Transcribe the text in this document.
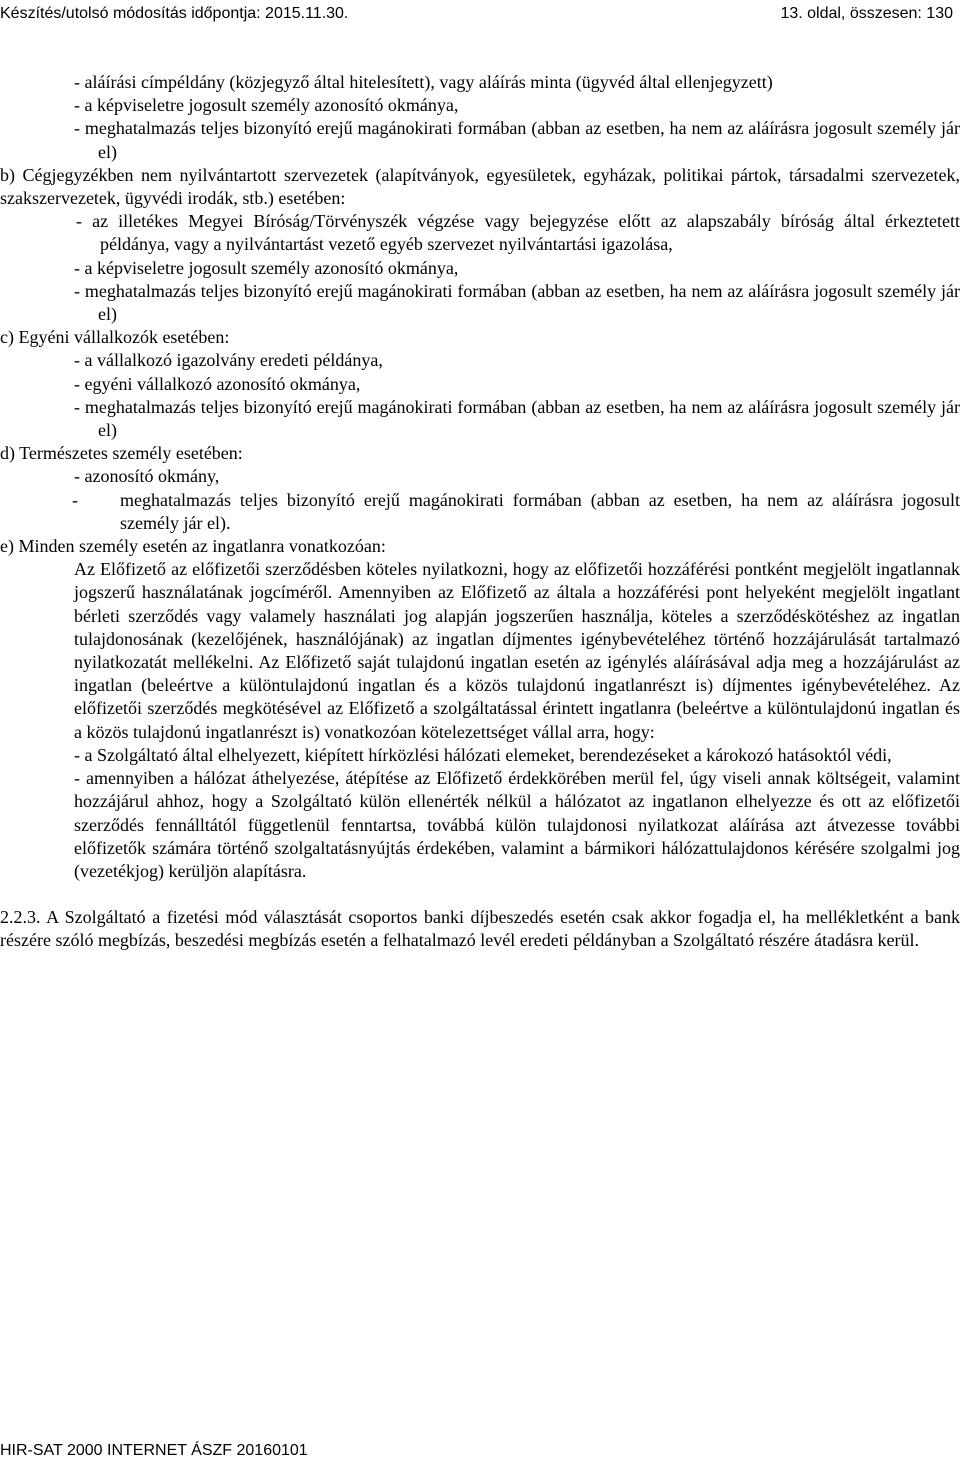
Készítés/utolsó módosítás időpontja: 2015.11.30.	13. oldal, összesen: 130

- aláírási címpéldány (közjegyző által hitelesített), vagy aláírás minta (ügyvéd által ellenjegyzett)

- a képviseletre jogosult személy azonosító okmánya,

- meghatalmazás teljes bizonyító erejű magánokirati formában (abban az esetben, ha nem az aláírásra jogosult személy jár el)

b) Cégjegyzékben nem nyilvántartott szervezetek (alapítványok, egyesületek, egyházak, politikai pártok, társadalmi szervezetek, szakszervezetek, ügyvédi irodák, stb.) esetében:

- az illetékes Megyei Bíróság/Törvényszék végzése vagy bejegyzése előtt az alapszabály bíróság által érkeztetett példánya, vagy a nyilvántartást vezető egyéb szervezet nyilvántartási igazolása,

- a képviseletre jogosult személy azonosító okmánya,

- meghatalmazás teljes bizonyító erejű magánokirati formában (abban az esetben, ha nem az aláírásra jogosult személy jár el)

c) Egyéni vállalkozók esetében:

- a vállalkozó igazolvány eredeti példánya,

- egyéni vállalkozó azonosító okmánya,

- meghatalmazás teljes bizonyító erejű magánokirati formában (abban az esetben, ha nem az aláírásra jogosult személy jár el)

d) Természetes személy esetében:

- azonosító okmány,

- meghatalmazás teljes bizonyító erejű magánokirati formában (abban az esetben, ha nem az aláírásra jogosult személy jár el).

e) Minden személy esetén az ingatlanra vonatkozóan:

Az Előfizető az előfizetői szerződésben köteles nyilatkozni, hogy az előfizetői hozzáférési pontként megjelölt ingatlannak jogszerű használatának jogcíméről. Amennyiben az Előfizető az általa a hozzáférési pont helyeként megjelölt ingatlant bérleti szerződés vagy valamely használati jog alapján jogszerűen használja, köteles a szerződéskötéshez az ingatlan tulajdonosának (kezelőjének, használójának) az ingatlan díjmentes igénybevételéhez történő hozzájárulását tartalmazó nyilatkozatát mellékelni. Az Előfizető saját tulajdonú ingatlan esetén az igénylés aláírásával adja meg a hozzájárulást az ingatlan (beleértve a különtulajdonú ingatlan és a közös tulajdonú ingatlanrészt is) díjmentes igénybevételéhez. Az előfizetői szerződés megkötésével az Előfizető a szolgáltatással érintett ingatlanra (beleértve a különtulajdonú ingatlan és a közös tulajdonú ingatlanrészt is) vonatkozóan kötelezettséget vállal arra, hogy:

- a Szolgáltató által elhelyezett, kiépített hírközlési hálózati elemeket, berendezéseket a károkozó hatásoktól védi,

- amennyiben a hálózat áthelyezése, átépítése az Előfizető érdekkörében merül fel, úgy viseli annak költségeit, valamint hozzájárul ahhoz, hogy a Szolgáltató külön ellenérték nélkül a hálózatot az ingatlanon elhelyezze és ott az előfizetői szerződés fennálltától függetlenül fenntartsa, továbbá külön tulajdonosi nyilatkozat aláírása azt átvezesse további előfizetők számára történő szolgaltatásnyújtás érdekében, valamint a bármikori hálózattulajdonos kérésére szolgalmi jog (vezetékjog) kerüljön alapításra.

2.2.3. A Szolgáltató a fizetési mód választását csoportos banki díjbeszedés esetén csak akkor fogadja el, ha mellékletként a bank részére szóló megbízás, beszedési megbízás esetén a felhatalmazó levél eredeti példányban a Szolgáltató részére átadásra kerül.

HIR-SAT 2000 INTERNET ÁSZF 20160101
